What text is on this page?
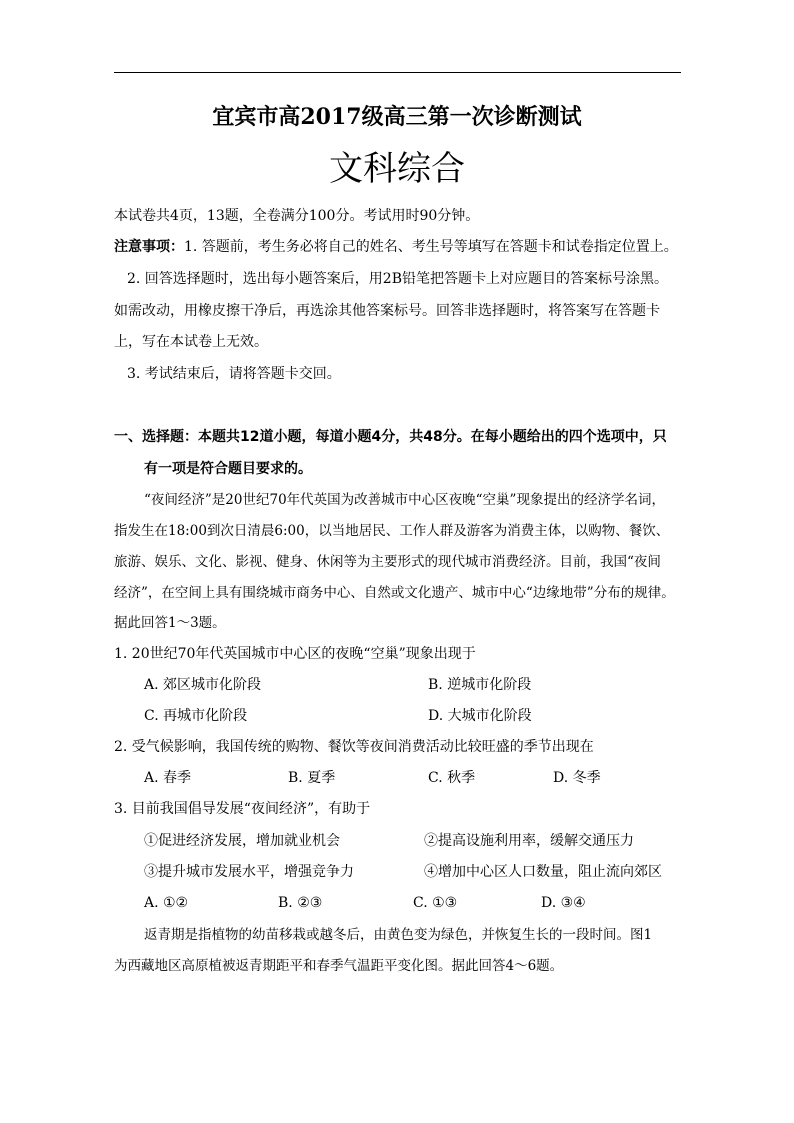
宜宾市高2017级高三第一次诊断测试
文科综合
本试卷共4页，13题，全卷满分100分。考试用时90分钟。
注意事项：1. 答题前，考生务必将自己的姓名、考生号等填写在答题卡和试卷指定位置上。
2. 回答选择题时，选出每小题答案后，用2B铅笔把答题卡上对应题目的答案标号涂黑。
如需改动，用橡皮擦干净后，再选涂其他答案标号。回答非选择题时，将答案写在答题卡
上，写在本试卷上无效。
3. 考试结束后，请将答题卡交回。
一、选择题：本题共12道小题，每道小题4分，共48分。在每小题给出的四个选项中，只
有一项是符合题目要求的。
“夜间经济”是20世纪70年代英国为改善城市中心区夜晚“空巢”现象提出的经济学名词，
指发生在18:00到次日清晨6:00，以当地居民、工作人群及游客为消费主体，以购物、餐饮、
旅游、娱乐、文化、影视、健身、休闲等为主要形式的现代城市消费经济。目前，我国“夜间
经济”，在空间上具有围绕城市商务中心、自然或文化遗产、城市中心“边缘地带”分布的规律。
据此回答1～3题。
1. 20世纪70年代英国城市中心区的夜晚“空巢”现象出现于
A. 郊区城市化阶段	B. 逆城市化阶段
C. 再城市化阶段	D. 大城市化阶段
2. 受气候影响，我国传统的购物、餐饮等夜间消费活动比较旺盛的季节出现在
A. 春季	B. 夏季	C. 秋季	D. 冬季
3. 目前我国倡导发展“夜间经济”，有助于
①促进经济发展，增加就业机会	②提高设施利用率，缓解交通压力
③提升城市发展水平，增强竞争力	④增加中心区人口数量，阻止流向郊区
A. ①②	B. ②③	C. ①③	D. ③④
返青期是指植物的幼苗移栽或越冬后，由黄色变为绿色，并恢复生长的一段时间。图1
为西藏地区高原植被返青期距平和春季气温距平变化图。据此回答4～6题。
